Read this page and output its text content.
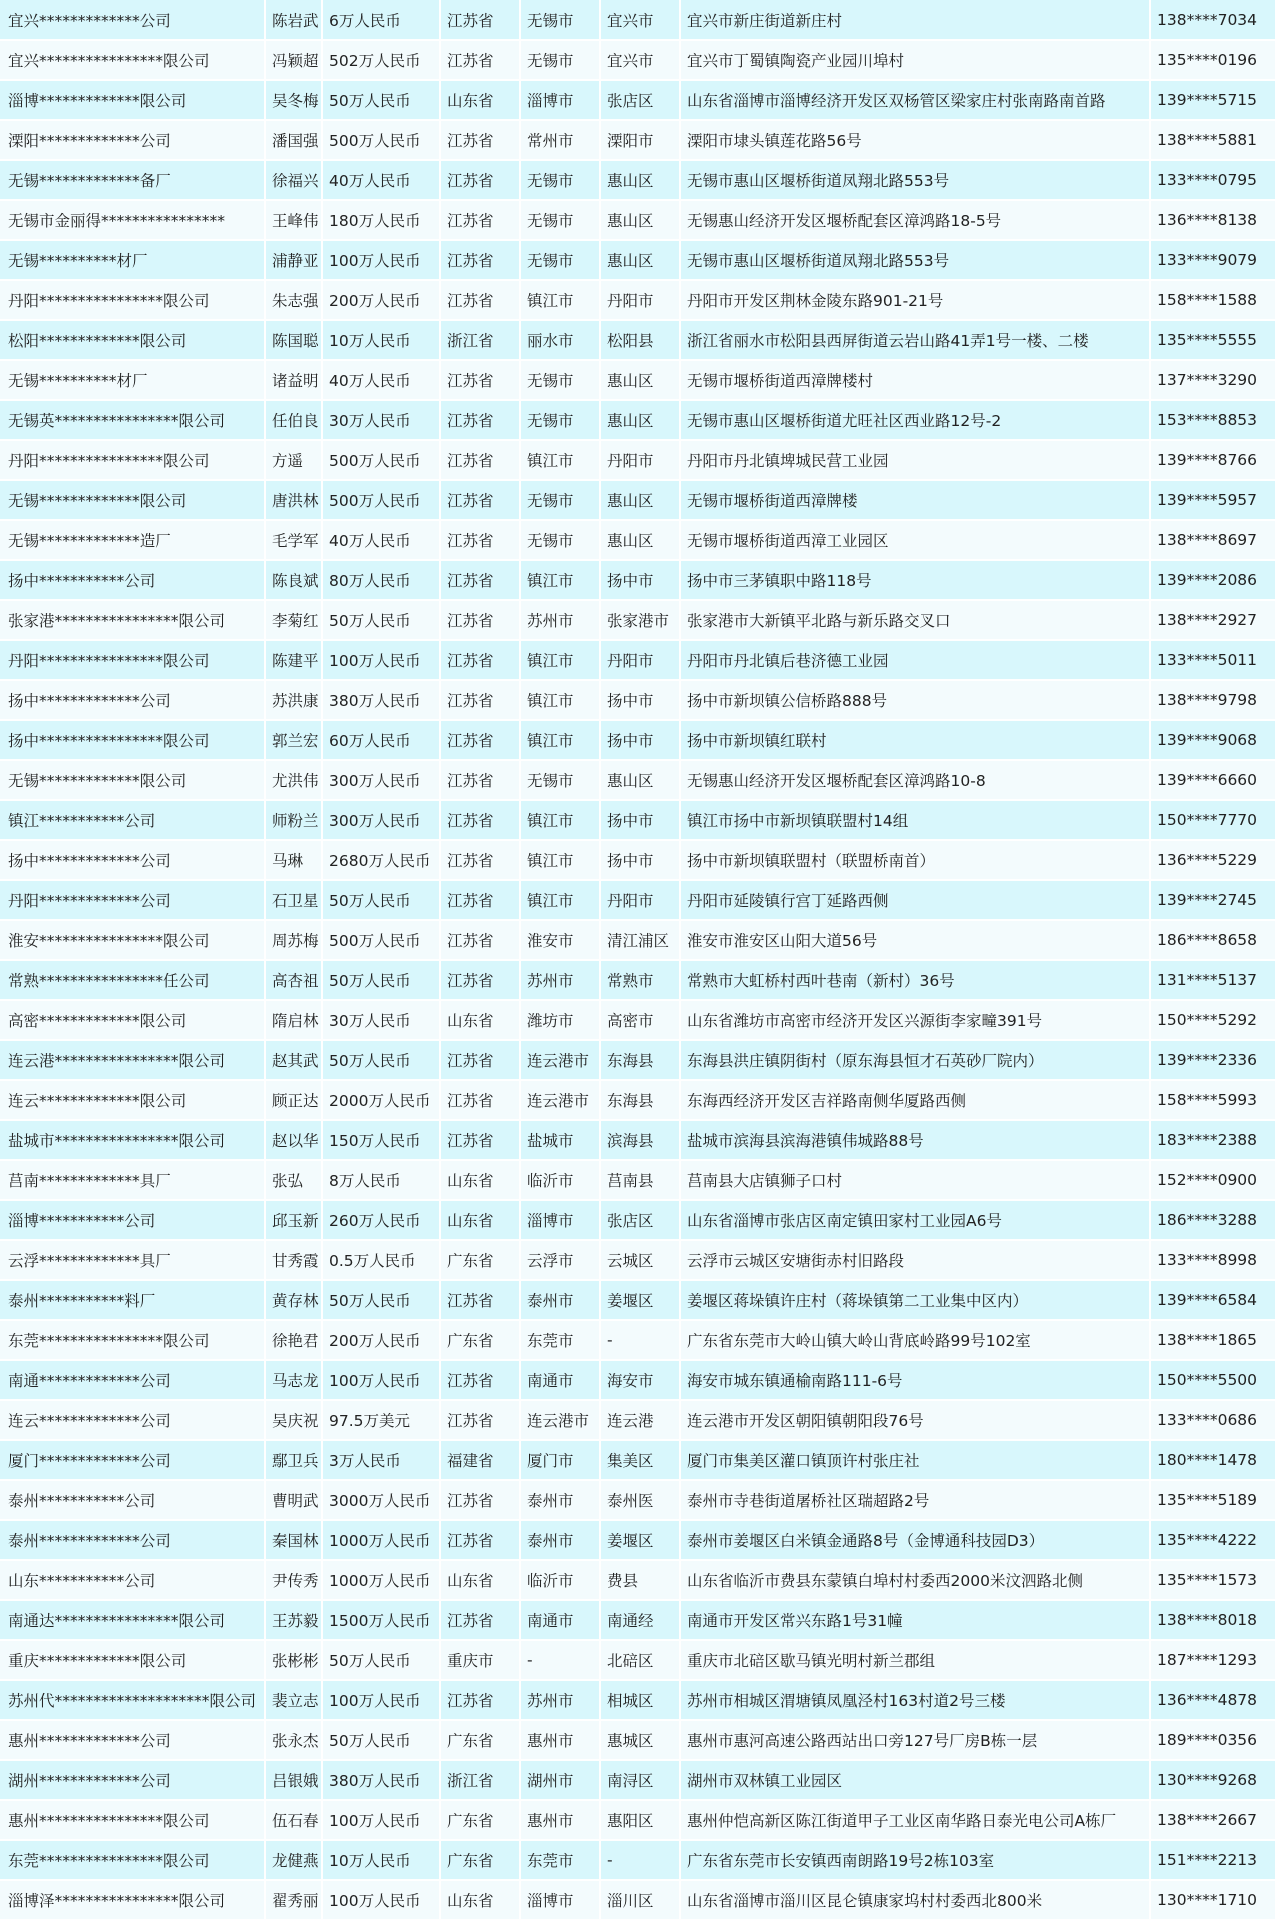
宜兴*************公司	陈岩武	6万人民币	江苏省	无锡市	宜兴市	宜兴市新庄街道新庄村	138****7034
宜兴****************限公司	冯颖超	502万人民币	江苏省	无锡市	宜兴市	宜兴市丁蜀镇陶瓷产业园川埠村	135****0196
淄博*************限公司	吴冬梅	50万人民币	山东省	淄博市	张店区	山东省淄博市淄博经济开发区双杨管区梁家庄村张南路南首路	139****5715
溧阳*************公司	潘国强	500万人民币	江苏省	常州市	溧阳市	溧阳市埭头镇莲花路56号	138****5881
无锡*************备厂	徐福兴	40万人民币	江苏省	无锡市	惠山区	无锡市惠山区堰桥街道凤翔北路553号	133****0795
无锡市金丽得****************	王峰伟	180万人民币	江苏省	无锡市	惠山区	无锡惠山经济开发区堰桥配套区漳鸿路18-5号	136****8138
无锡**********材厂	浦静亚	100万人民币	江苏省	无锡市	惠山区	无锡市惠山区堰桥街道凤翔北路553号	133****9079
丹阳****************限公司	朱志强	200万人民币	江苏省	镇江市	丹阳市	丹阳市开发区荆林金陵东路901-21号	158****1588
松阳*************限公司	陈国聪	10万人民币	浙江省	丽水市	松阳县	浙江省丽水市松阳县西屏街道云岩山路41弄1号一楼、二楼	135****5555
无锡**********材厂	诸益明	40万人民币	江苏省	无锡市	惠山区	无锡市堰桥街道西漳牌楼村	137****3290
无锡英****************限公司	任伯良	30万人民币	江苏省	无锡市	惠山区	无锡市惠山区堰桥街道尤旺社区西业路12号-2	153****8853
丹阳****************限公司	方遥	500万人民币	江苏省	镇江市	丹阳市	丹阳市丹北镇埤城民营工业园	139****8766
无锡*************限公司	唐洪林	500万人民币	江苏省	无锡市	惠山区	无锡市堰桥街道西漳牌楼	139****5957
无锡*************造厂	毛学军	40万人民币	江苏省	无锡市	惠山区	无锡市堰桥街道西漳工业园区	138****8697
扬中***********公司	陈良斌	80万人民币	江苏省	镇江市	扬中市	扬中市三茅镇职中路118号	139****2086
张家港****************限公司	李菊红	50万人民币	江苏省	苏州市	张家港市	张家港市大新镇平北路与新乐路交叉口	138****2927
丹阳****************限公司	陈建平	100万人民币	江苏省	镇江市	丹阳市	丹阳市丹北镇后巷济德工业园	133****5011
扬中*************公司	苏洪康	380万人民币	江苏省	镇江市	扬中市	扬中市新坝镇公信桥路888号	138****9798
扬中****************限公司	郭兰宏	60万人民币	江苏省	镇江市	扬中市	扬中市新坝镇红联村	139****9068
无锡*************限公司	尤洪伟	300万人民币	江苏省	无锡市	惠山区	无锡惠山经济开发区堰桥配套区漳鸿路10-8	139****6660
镇江***********公司	师粉兰	300万人民币	江苏省	镇江市	扬中市	镇江市扬中市新坝镇联盟村14组	150****7770
扬中*************公司	马琳	2680万人民币	江苏省	镇江市	扬中市	扬中市新坝镇联盟村（联盟桥南首）	136****5229
丹阳*************公司	石卫星	50万人民币	江苏省	镇江市	丹阳市	丹阳市延陵镇行宫丁延路西侧	139****2745
淮安****************限公司	周苏梅	500万人民币	江苏省	淮安市	清江浦区	淮安市淮安区山阳大道56号	186****8658
常熟****************任公司	高杏祖	50万人民币	江苏省	苏州市	常熟市	常熟市大虹桥村西叶巷南（新村）36号	131****5137
高密*************限公司	隋启林	30万人民币	山东省	潍坊市	高密市	山东省潍坊市高密市经济开发区兴源街李家疃391号	150****5292
连云港****************限公司	赵其武	50万人民币	江苏省	连云港市	东海县	东海县洪庄镇阴街村（原东海县恒才石英砂厂院内）	139****2336
连云*************限公司	顾正达	2000万人民币	江苏省	连云港市	东海县	东海西经济开发区吉祥路南侧华厦路西侧	158****5993
盐城市****************限公司	赵以华	150万人民币	江苏省	盐城市	滨海县	盐城市滨海县滨海港镇伟城路88号	183****2388
莒南*************具厂	张弘	8万人民币	山东省	临沂市	莒南县	莒南县大店镇狮子口村	152****0900
淄博***********公司	邱玉新	260万人民币	山东省	淄博市	张店区	山东省淄博市张店区南定镇田家村工业园A6号	186****3288
云浮*************具厂	甘秀霞	0.5万人民币	广东省	云浮市	云城区	云浮市云城区安塘街赤村旧路段	133****8998
泰州***********料厂	黄存林	50万人民币	江苏省	泰州市	姜堰区	姜堰区蒋垛镇许庄村（蒋垛镇第二工业集中区内）	139****6584
东莞****************限公司	徐艳君	200万人民币	广东省	东莞市	-	广东省东莞市大岭山镇大岭山背底岭路99号102室	138****1865
南通*************公司	马志龙	100万人民币	江苏省	南通市	海安市	海安市城东镇通榆南路111-6号	150****5500
连云*************公司	吴庆祝	97.5万美元	江苏省	连云港市	连云港	连云港市开发区朝阳镇朝阳段76号	133****0686
厦门*************公司	鄢卫兵	3万人民币	福建省	厦门市	集美区	厦门市集美区灌口镇顶许村张庄社	180****1478
泰州***********公司	曹明武	3000万人民币	江苏省	泰州市	泰州医	泰州市寺巷街道屠桥社区瑞超路2号	135****5189
泰州*************公司	秦国林	1000万人民币	江苏省	泰州市	姜堰区	泰州市姜堰区白米镇金通路8号（金博通科技园D3）	135****4222
山东***********公司	尹传秀	1000万人民币	山东省	临沂市	费县	山东省临沂市费县东蒙镇白埠村村委西2000米汶泗路北侧	135****1573
南通达****************限公司	王苏毅	1500万人民币	江苏省	南通市	南通经	南通市开发区常兴东路1号31幢	138****8018
重庆*************限公司	张彬彬	50万人民币	重庆市	-	北碚区	重庆市北碚区歇马镇光明村新兰郡组	187****1293
苏州代********************限公司	裴立志	100万人民币	江苏省	苏州市	相城区	苏州市相城区渭塘镇凤凰泾村163村道2号三楼	136****4878
惠州*************公司	张永杰	50万人民币	广东省	惠州市	惠城区	惠州市惠河高速公路西站出口旁127号厂房B栋一层	189****0356
湖州*************公司	吕银娥	380万人民币	浙江省	湖州市	南浔区	湖州市双林镇工业园区	130****9268
惠州****************限公司	伍石春	100万人民币	广东省	惠州市	惠阳区	惠州仲恺高新区陈江街道甲子工业区南华路日泰光电公司A栋厂	138****2667
东莞****************限公司	龙健燕	10万人民币	广东省	东莞市	-	广东省东莞市长安镇西南朗路19号2栋103室	151****2213
淄博泽****************限公司	翟秀丽	100万人民币	山东省	淄博市	淄川区	山东省淄博市淄川区昆仑镇康家坞村村委西北800米	130****1710
